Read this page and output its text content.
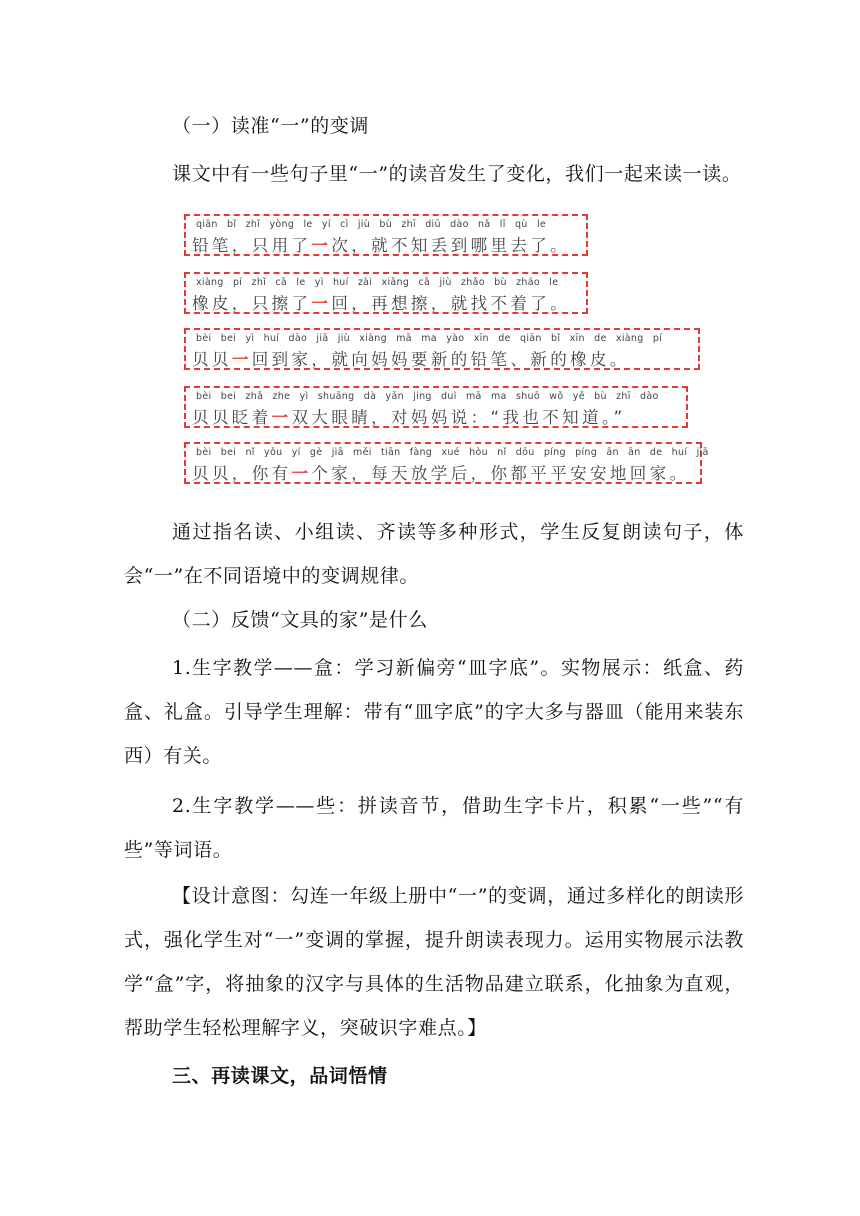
（一）读准“一”的变调

课文中有一些句子里“一”的读音发生了变化，我们一起来读一读。

qiān bǐ zhǐ yòng le yí cì jiù bù zhī diū dào nǎ lǐ qù le
铅笔，只用了一次，就不知丢到哪里去了。
xiàng pí zhǐ cā le yì huí zài xiǎng cā jiù zhǎo bù zháo le
橡皮，只擦了一回，再想擦，就找不着了。
bèi bei yì huí dào jiā jiù xiàng mā ma yào xīn de qiān bǐ xīn de xiàng pí
贝贝一回到家，就向妈妈要新的铅笔、新的橡皮。
bèi bei zhǎ zhe yì shuāng dà yǎn jing duì mā ma shuō wǒ yě bù zhī dào
贝贝眨着一双大眼睛，对妈妈说：“我也不知道。”
bèi bei nǐ yǒu yí gè jiā měi tiān fàng xué hòu nǐ dōu píng píng ān ān de huí jiā
贝贝，你有一个家，每天放学后，你都平平安安地回家。

通过指名读、小组读、齐读等多种形式，学生反复朗读句子，体会“一”在不同语境中的变调规律。

（二）反馈“文具的家”是什么

1.生字教学——盒：学习新偏旁“皿字底”。实物展示：纸盒、药盒、礼盒。引导学生理解：带有“皿字底”的字大多与器皿（能用来装东西）有关。

2.生字教学——些：拼读音节，借助生字卡片，积累“一些”“有些”等词语。

【设计意图：勾连一年级上册中“一”的变调，通过多样化的朗读形式，强化学生对“一”变调的掌握，提升朗读表现力。运用实物展示法教学“盒”字，将抽象的汉字与具体的生活物品建立联系，化抽象为直观，帮助学生轻松理解字义，突破识字难点。】

三、再读课文，品词悟情
